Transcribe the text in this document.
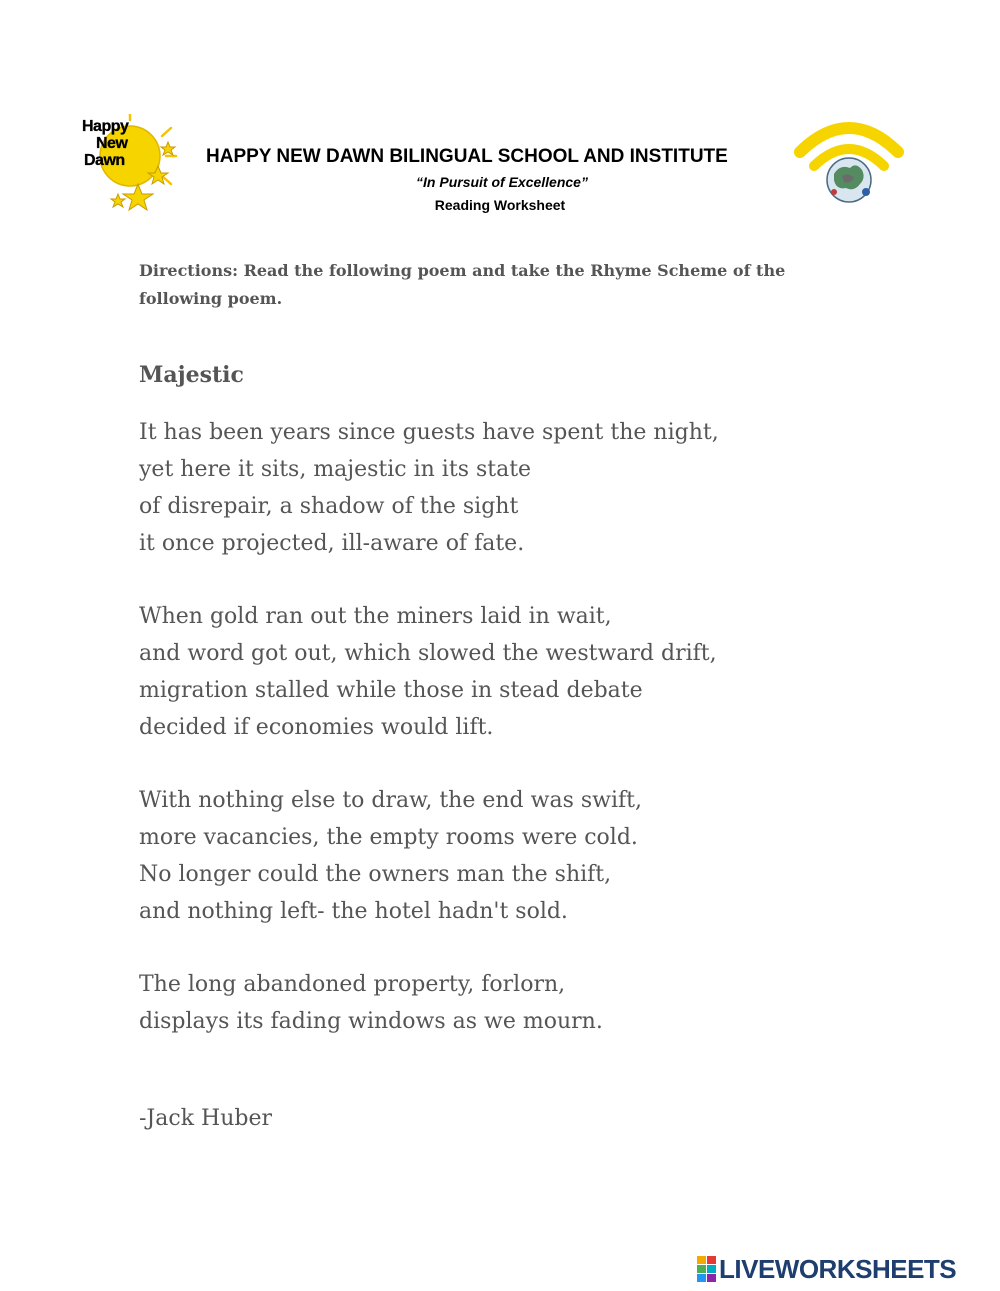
Happy
New
Dawn	HAPPY NEW DAWN BILINGUAL SCHOOL AND INSTITUTE
“In Pursuit of Excellence”
Reading Worksheet
Directions: Read the following poem and take the Rhyme Scheme of the following poem.
Majestic
It has been years since guests have spent the night,
yet here it sits, majestic in its state
of disrepair, a shadow of the sight
it once projected, ill-aware of fate.
When gold ran out the miners laid in wait,
and word got out, which slowed the westward drift,
migration stalled while those in stead debate
decided if economies would lift.
With nothing else to draw, the end was swift,
more vacancies, the empty rooms were cold.
No longer could the owners man the shift,
and nothing left- the hotel hadn't sold.
The long abandoned property, forlorn,
displays its fading windows as we mourn.
-Jack Huber
LIVEWORKSHEETS
